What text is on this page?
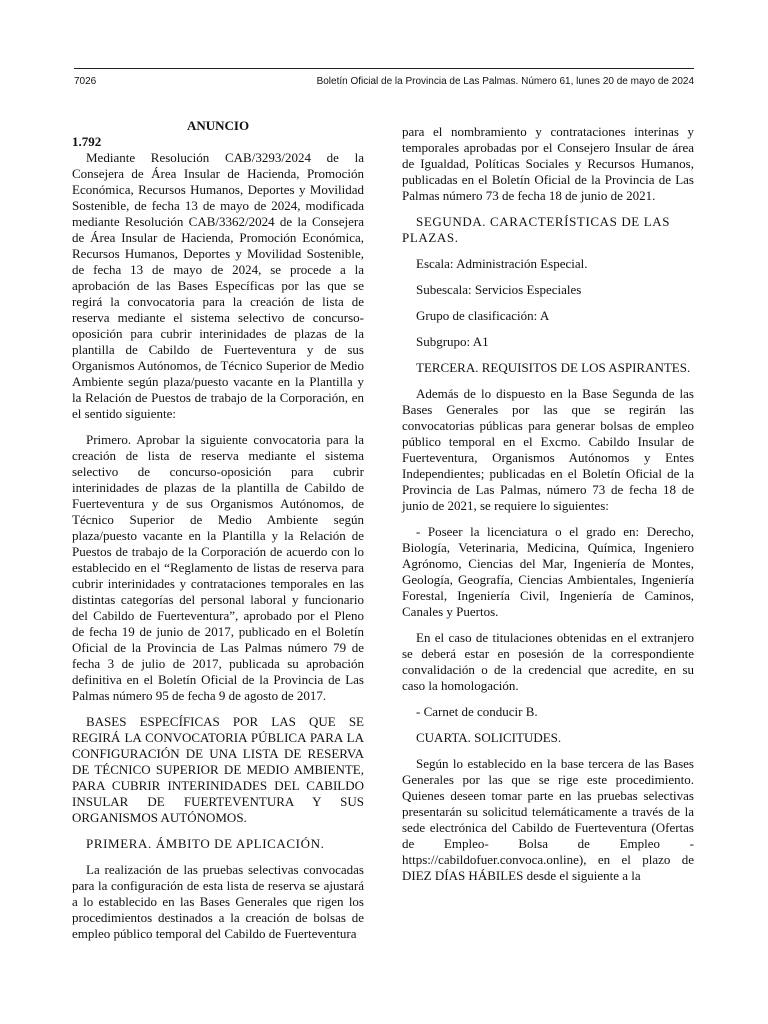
7026	Boletín Oficial de la Provincia de Las Palmas. Número 61, lunes 20 de mayo de 2024
ANUNCIO

1.792

Mediante Resolución CAB/3293/2024 de la Consejera de Área Insular de Hacienda, Promoción Económica, Recursos Humanos, Deportes y Movilidad Sostenible, de fecha 13 de mayo de 2024, modificada mediante Resolución CAB/3362/2024 de la Consejera de Área Insular de Hacienda, Promoción Económica, Recursos Humanos, Deportes y Movilidad Sostenible, de fecha 13 de mayo de 2024, se procede a la aprobación de las Bases Específicas por las que se regirá la convocatoria para la creación de lista de reserva mediante el sistema selectivo de concurso-oposición para cubrir interinidades de plazas de la plantilla de Cabildo de Fuerteventura y de sus Organismos Autónomos, de Técnico Superior de Medio Ambiente según plaza/puesto vacante en la Plantilla y la Relación de Puestos de trabajo de la Corporación, en el sentido siguiente:

Primero. Aprobar la siguiente convocatoria para la creación de lista de reserva mediante el sistema selectivo de concurso-oposición para cubrir interinidades de plazas de la plantilla de Cabildo de Fuerteventura y de sus Organismos Autónomos, de Técnico Superior de Medio Ambiente según plaza/puesto vacante en la Plantilla y la Relación de Puestos de trabajo de la Corporación de acuerdo con lo establecido en el “Reglamento de listas de reserva para cubrir interinidades y contrataciones temporales en las distintas categorías del personal laboral y funcionario del Cabildo de Fuerteventura”, aprobado por el Pleno de fecha 19 de junio de 2017, publicado en el Boletín Oficial de la Provincia de Las Palmas número 79 de fecha 3 de julio de 2017, publicada su aprobación definitiva en el Boletín Oficial de la Provincia de Las Palmas número 95 de fecha 9 de agosto de 2017.

BASES ESPECÍFICAS POR LAS QUE SE REGIRÁ LA CONVOCATORIA PÚBLICA PARA LA CONFIGURACIÓN DE UNA LISTA DE RESERVA DE TÉCNICO SUPERIOR DE MEDIO AMBIENTE, PARA CUBRIR INTERINIDADES DEL CABILDO INSULAR DE FUERTEVENTURA Y SUS ORGANISMOS AUTÓNOMOS.

PRIMERA. ÁMBITO DE APLICACIÓN.

La realización de las pruebas selectivas convocadas para la configuración de esta lista de reserva se ajustará a lo establecido en las Bases Generales que rigen los procedimientos destinados a la creación de bolsas de empleo público temporal del Cabildo de Fuerteventura

para el nombramiento y contrataciones interinas y temporales aprobadas por el Consejero Insular de área de Igualdad, Políticas Sociales y Recursos Humanos, publicadas en el Boletín Oficial de la Provincia de Las Palmas número 73 de fecha 18 de junio de 2021.

SEGUNDA. CARACTERÍSTICAS DE LAS PLAZAS.

Escala: Administración Especial.

Subescala: Servicios Especiales

Grupo de clasificación: A

Subgrupo: A1

TERCERA. REQUISITOS DE LOS ASPIRANTES.

Además de lo dispuesto en la Base Segunda de las Bases Generales por las que se regirán las convocatorias públicas para generar bolsas de empleo público temporal en el Excmo. Cabildo Insular de Fuerteventura, Organismos Autónomos y Entes Independientes; publicadas en el Boletín Oficial de la Provincia de Las Palmas, número 73 de fecha 18 de junio de 2021, se requiere lo siguientes:

- Poseer la licenciatura o el grado en: Derecho, Biología, Veterinaria, Medicina, Química, Ingeniero Agrónomo, Ciencias del Mar, Ingeniería de Montes, Geología, Geografía, Ciencias Ambientales, Ingeniería Forestal, Ingeniería Civil, Ingeniería de Caminos, Canales y Puertos.

En el caso de titulaciones obtenidas en el extranjero se deberá estar en posesión de la correspondiente convalidación o de la credencial que acredite, en su caso la homologación.

- Carnet de conducir B.

CUARTA. SOLICITUDES.

Según lo establecido en la base tercera de las Bases Generales por las que se rige este procedimiento. Quienes deseen tomar parte en las pruebas selectivas presentarán su solicitud telemáticamente a través de la sede electrónica del Cabildo de Fuerteventura (Ofertas de Empleo- Bolsa de Empleo - https://cabildofuer.convoca.online), en el plazo de DIEZ DÍAS HÁBILES desde el siguiente a la
